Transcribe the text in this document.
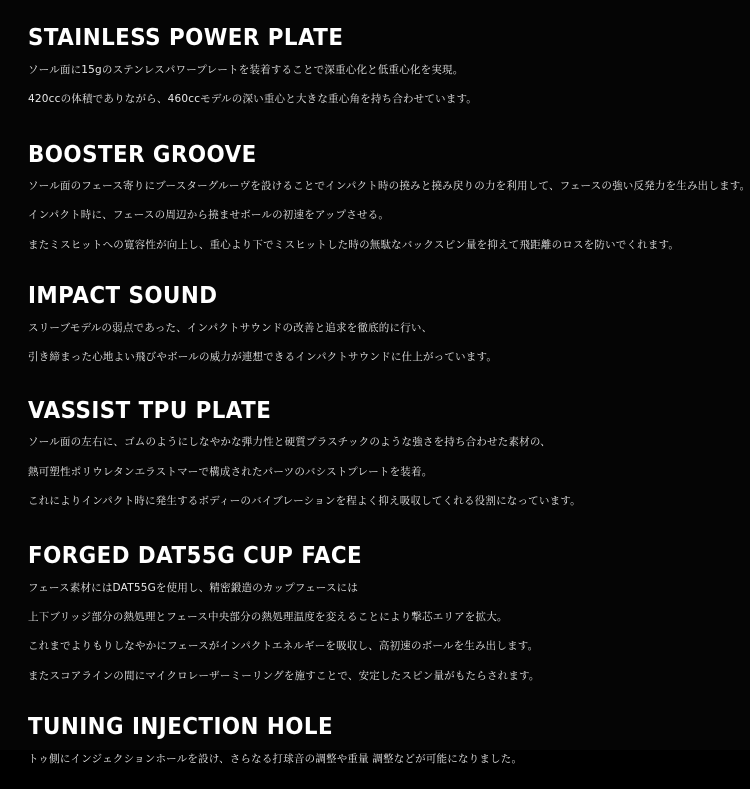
STAINLESS POWER PLATE

ソール面に15gのステンレスパワープレートを装着することで深重心化と低重心化を実現。

420ccの体積でありながら、460ccモデルの深い重心と大きな重心角を持ち合わせています。

BOOSTER GROOVE

ソール面のフェース寄りにブースターグルーヴを設けることでインパクト時の撓みと撓み戻りの力を利用して、フェースの強い反発力を生み出します。

インパクト時に、フェースの周辺から撓ませボールの初速をアップさせる。

またミスヒットへの寛容性が向上し、重心より下でミスヒットした時の無駄なバックスピン量を抑えて飛距離のロスを防いでくれます。

IMPACT SOUND

スリーブモデルの弱点であった、インパクトサウンドの改善と追求を徹底的に行い、

引き締まった心地よい飛びやボールの威力が連想できるインパクトサウンドに仕上がっています。

VASSIST TPU PLATE

ソール面の左右に、ゴムのようにしなやかな弾力性と硬質プラスチックのような強さを持ち合わせた素材の、

熱可塑性ポリウレタンエラストマーで構成されたパーツのバシストプレートを装着。

これによりインパクト時に発生するボディーのバイブレーションを程よく抑え吸収してくれる役割になっています。

FORGED DAT55G CUP FACE

フェース素材にはDAT55Gを使用し、精密鍛造のカップフェースには

上下ブリッジ部分の熱処理とフェース中央部分の熱処理温度を変えることにより撃芯エリアを拡大。

これまでよりもりしなやかにフェースがインパクトエネルギーを吸収し、高初速のボールを生み出します。

またスコアラインの間にマイクロレーザーミーリングを施すことで、安定したスピン量がもたらされます。

TUNING INJECTION HOLE

トゥ側にインジェクションホールを設け、さらなる打球音の調整や重量 調整などが可能になりました。
